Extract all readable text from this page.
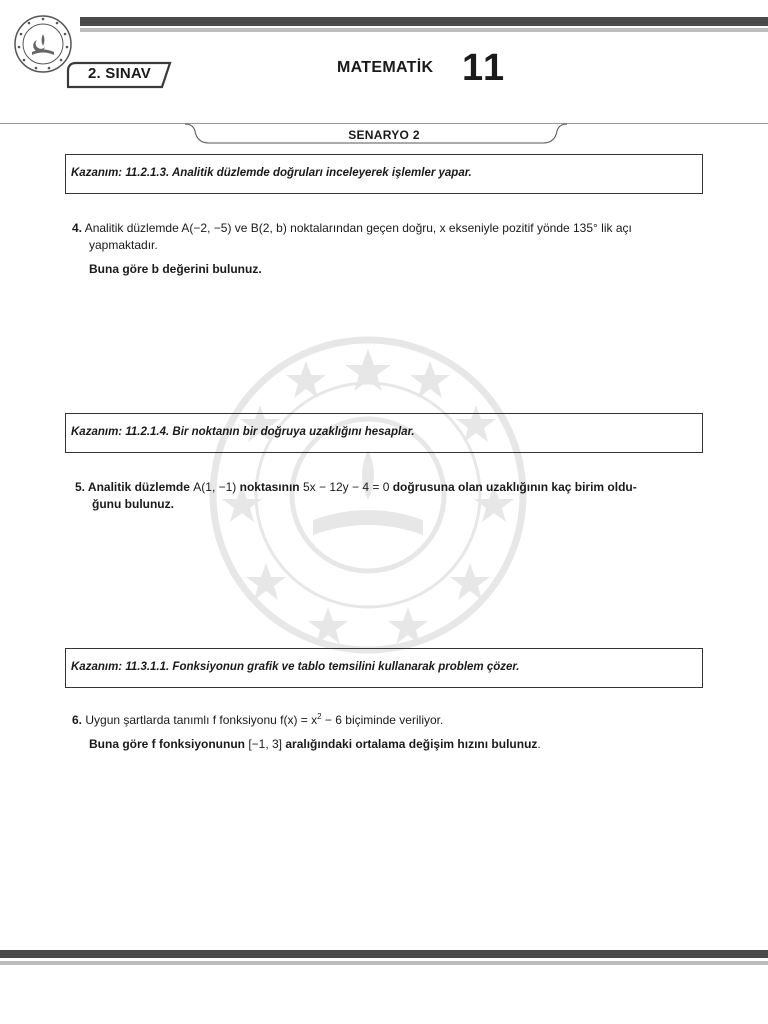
2. SINAV	MATEMATİK 11
SENARYO 2
Kazanım: 11.2.1.3. Analitik düzlemde doğruları inceleyerek işlemler yapar.
4. Analitik düzlemde A(−2, −5) ve B(2, b) noktalarından geçen doğru, x ekseniyle pozitif yönde 135° lik açı
yapmaktadır.
Buna göre b değerini bulunuz.
Kazanım: 11.2.1.4. Bir noktanın bir doğruya uzaklığını hesaplar.
5. Analitik düzlemde A(1, −1) noktasının 5x − 12y − 4 = 0 doğrusuna olan uzaklığının kaç birim oldu-
ğunu bulunuz.
Kazanım: 11.3.1.1. Fonksiyonun grafik ve tablo temsilini kullanarak problem çözer.
6. Uygun şartlarda tanımlı f fonksiyonu $f(x) = x^2 - 6$ biçiminde veriliyor.
Buna göre f fonksiyonunun [−1, 3] aralığındaki ortalama değişim hızını bulunuz.
